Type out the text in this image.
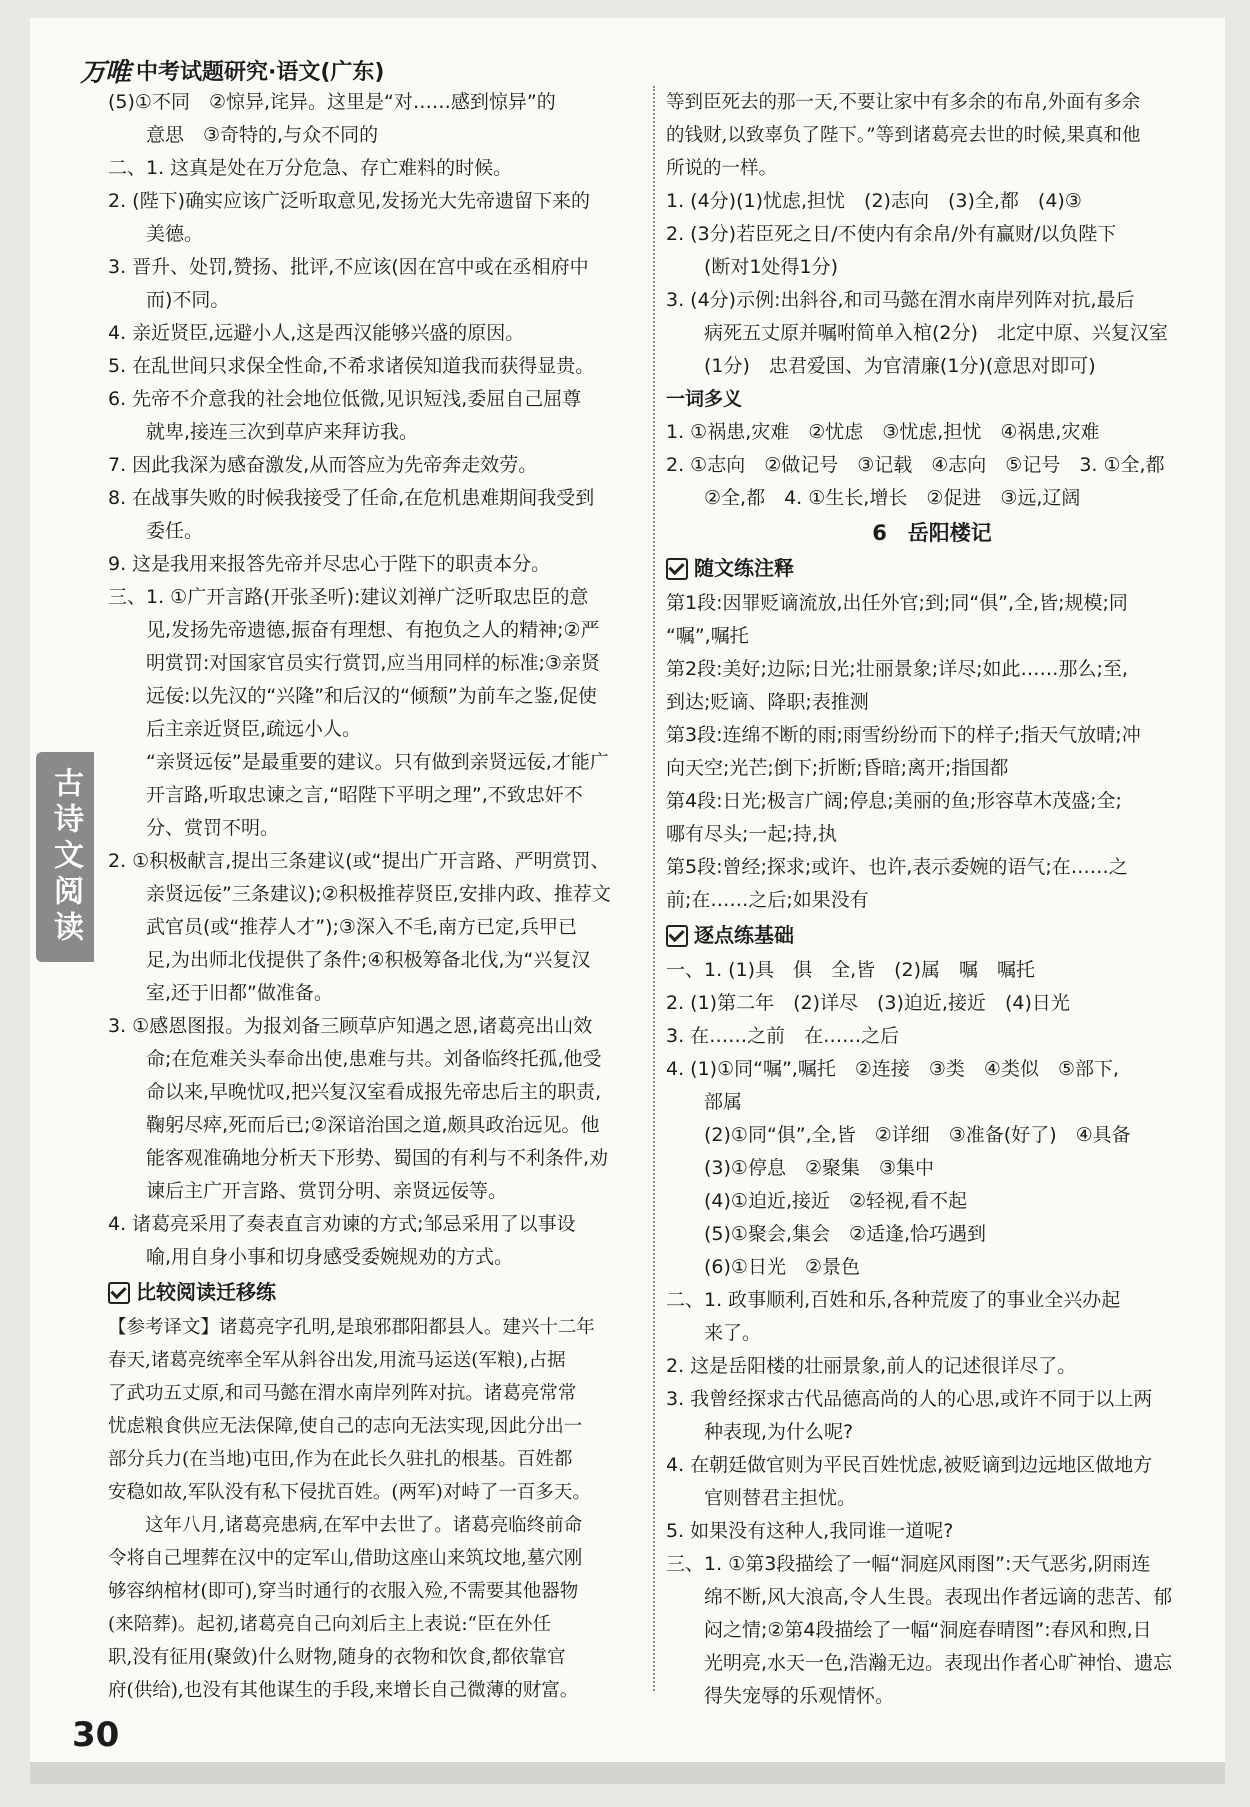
万唯 中考试题研究·语文(广东)
古诗文阅读

(5)①不同　②惊异,诧异。这里是“对……感到惊异”的

意思　③奇特的,与众不同的

二、1. 这真是处在万分危急、存亡难料的时候。

2. (陛下)确实应该广泛听取意见,发扬光大先帝遗留下来的

美德。

3. 晋升、处罚,赞扬、批评,不应该(因在宫中或在丞相府中

而)不同。

4. 亲近贤臣,远避小人,这是西汉能够兴盛的原因。

5. 在乱世间只求保全性命,不希求诸侯知道我而获得显贵。

6. 先帝不介意我的社会地位低微,见识短浅,委屈自己屈尊

就卑,接连三次到草庐来拜访我。

7. 因此我深为感奋激发,从而答应为先帝奔走效劳。

8. 在战事失败的时候我接受了任命,在危机患难期间我受到

委任。

9. 这是我用来报答先帝并尽忠心于陛下的职责本分。

三、1. ①广开言路(开张圣听):建议刘禅广泛听取忠臣的意

见,发扬先帝遗德,振奋有理想、有抱负之人的精神;②严

明赏罚:对国家官员实行赏罚,应当用同样的标准;③亲贤

远佞:以先汉的“兴隆”和后汉的“倾颓”为前车之鉴,促使

后主亲近贤臣,疏远小人。

“亲贤远佞”是最重要的建议。只有做到亲贤远佞,才能广

开言路,听取忠谏之言,“昭陛下平明之理”,不致忠奸不

分、赏罚不明。

2. ①积极献言,提出三条建议(或“提出广开言路、严明赏罚、

亲贤远佞”三条建议);②积极推荐贤臣,安排内政、推荐文

武官员(或“推荐人才”);③深入不毛,南方已定,兵甲已

足,为出师北伐提供了条件;④积极筹备北伐,为“兴复汉

室,还于旧都”做准备。

3. ①感恩图报。为报刘备三顾草庐知遇之恩,诸葛亮出山效

命;在危难关头奉命出使,患难与共。刘备临终托孤,他受

命以来,早晚忧叹,把兴复汉室看成报先帝忠后主的职责,

鞠躬尽瘁,死而后已;②深谙治国之道,颇具政治远见。他

能客观准确地分析天下形势、蜀国的有利与不利条件,劝

谏后主广开言路、赏罚分明、亲贤远佞等。

4. 诸葛亮采用了奏表直言劝谏的方式;邹忌采用了以事设

喻,用自身小事和切身感受委婉规劝的方式。

比较阅读迁移练

【参考译文】诸葛亮字孔明,是琅邪郡阳都县人。建兴十二年

春天,诸葛亮统率全军从斜谷出发,用流马运送(军粮),占据

了武功五丈原,和司马懿在渭水南岸列阵对抗。诸葛亮常常

忧虑粮食供应无法保障,使自己的志向无法实现,因此分出一

部分兵力(在当地)屯田,作为在此长久驻扎的根基。百姓都

安稳如故,军队没有私下侵扰百姓。(两军)对峙了一百多天。

这年八月,诸葛亮患病,在军中去世了。诸葛亮临终前命

令将自己埋葬在汉中的定军山,借助这座山来筑坟地,墓穴刚

够容纳棺材(即可),穿当时通行的衣服入殓,不需要其他器物

(来陪葬)。起初,诸葛亮自己向刘后主上表说:“臣在外任

职,没有征用(聚敛)什么财物,随身的衣物和饮食,都依靠官

府(供给),也没有其他谋生的手段,来增长自己微薄的财富。

等到臣死去的那一天,不要让家中有多余的布帛,外面有多余

的钱财,以致辜负了陛下。”等到诸葛亮去世的时候,果真和他

所说的一样。

1. (4分)(1)忧虑,担忧　(2)志向　(3)全,都　(4)③

2. (3分)若臣死之日/不使内有余帛/外有赢财/以负陛下

(断对1处得1分)

3. (4分)示例:出斜谷,和司马懿在渭水南岸列阵对抗,最后

病死五丈原并嘱咐简单入棺(2分)　北定中原、兴复汉室

(1分)　忠君爱国、为官清廉(1分)(意思对即可)

一词多义

1. ①祸患,灾难　②忧虑　③忧虑,担忧　④祸患,灾难

2. ①志向　②做记号　③记载　④志向　⑤记号　3. ①全,都

②全,都　4. ①生长,增长　②促进　③远,辽阔

6　岳阳楼记
随文练注释

第1段:因罪贬谪流放,出任外官;到;同“俱”,全,皆;规模;同

“嘱”,嘱托

第2段:美好;边际;日光;壮丽景象;详尽;如此……那么;至,

到达;贬谪、降职;表推测

第3段:连绵不断的雨;雨雪纷纷而下的样子;指天气放晴;冲

向天空;光芒;倒下;折断;昏暗;离开;指国都

第4段:日光;极言广阔;停息;美丽的鱼;形容草木茂盛;全;

哪有尽头;一起;持,执

第5段:曾经;探求;或许、也许,表示委婉的语气;在……之

前;在……之后;如果没有

逐点练基础

一、1. (1)具　俱　全,皆　(2)属　嘱　嘱托

2. (1)第二年　(2)详尽　(3)迫近,接近　(4)日光

3. 在……之前　在……之后

4. (1)①同“嘱”,嘱托　②连接　③类　④类似　⑤部下,

部属

(2)①同“俱”,全,皆　②详细　③准备(好了)　④具备

(3)①停息　②聚集　③集中

(4)①迫近,接近　②轻视,看不起

(5)①聚会,集会　②适逢,恰巧遇到

(6)①日光　②景色

二、1. 政事顺利,百姓和乐,各种荒废了的事业全兴办起

来了。

2. 这是岳阳楼的壮丽景象,前人的记述很详尽了。

3. 我曾经探求古代品德高尚的人的心思,或许不同于以上两

种表现,为什么呢?

4. 在朝廷做官则为平民百姓忧虑,被贬谪到边远地区做地方

官则替君主担忧。

5. 如果没有这种人,我同谁一道呢?

三、1. ①第3段描绘了一幅“洞庭风雨图”:天气恶劣,阴雨连

绵不断,风大浪高,令人生畏。表现出作者远谪的悲苦、郁

闷之情;②第4段描绘了一幅“洞庭春晴图”:春风和煦,日

光明亮,水天一色,浩瀚无边。表现出作者心旷神怡、遗忘

得失宠辱的乐观情怀。

30
